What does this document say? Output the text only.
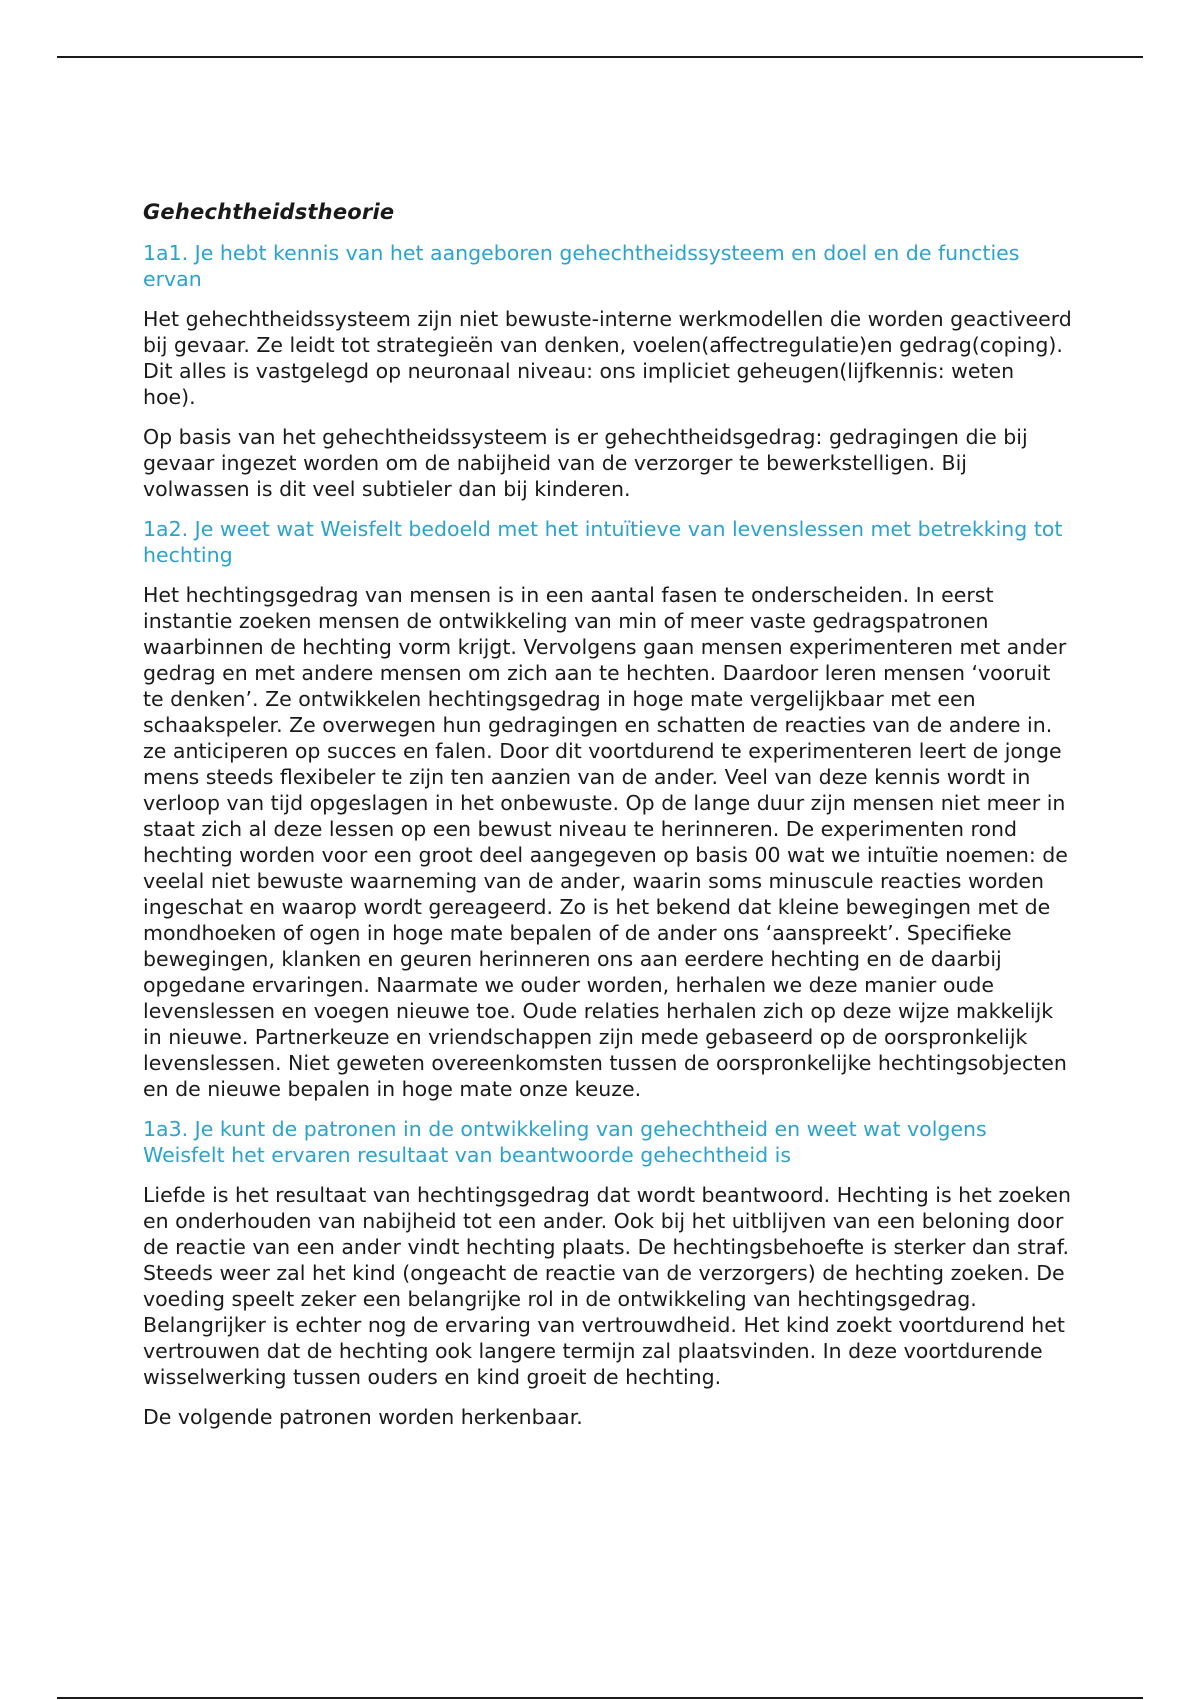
Gehechtheidstheorie
1a1. Je hebt kennis van het aangeboren gehechtheidssysteem en doel en de functies ervan
Het gehechtheidssysteem zijn niet bewuste-interne werkmodellen die worden geactiveerd bij gevaar. Ze leidt tot strategieën van denken, voelen(affectregulatie)en gedrag(coping). Dit alles is vastgelegd op neuronaal niveau: ons impliciet geheugen(lijfkennis: weten hoe).
Op basis van het gehechtheidssysteem is er gehechtheidsgedrag: gedragingen die bij gevaar ingezet worden om de nabijheid van de verzorger te bewerkstelligen. Bij volwassen is dit veel subtieler dan bij kinderen.
1a2. Je weet wat Weisfelt bedoeld met het intuïtieve van levenslessen met betrekking tot hechting
Het hechtingsgedrag van mensen is in een aantal fasen te onderscheiden. In eerst instantie zoeken mensen de ontwikkeling van min of meer vaste gedragspatronen waarbinnen de hechting vorm krijgt. Vervolgens gaan mensen experimenteren met ander gedrag en met andere mensen om zich aan te hechten. Daardoor leren mensen ‘vooruit te denken’. Ze ontwikkelen hechtingsgedrag in hoge mate vergelijkbaar met een schaakspeler. Ze overwegen hun gedragingen en schatten de reacties van de andere in. ze anticiperen op succes en falen. Door dit voortdurend te experimenteren leert de jonge mens steeds flexibeler te zijn ten aanzien van de ander. Veel van deze kennis wordt in verloop van tijd opgeslagen in het onbewuste. Op de lange duur zijn mensen niet meer in staat zich al deze lessen op een bewust niveau te herinneren. De experimenten rond hechting worden voor een groot deel aangegeven op basis 00 wat we intuïtie noemen: de veelal niet bewuste waarneming van de ander, waarin soms minuscule reacties worden ingeschat en waarop wordt gereageerd. Zo is het bekend dat kleine bewegingen met de mondhoeken of ogen in hoge mate bepalen of de ander ons ‘aanspreekt’. Specifieke bewegingen, klanken en geuren herinneren ons aan eerdere hechting en de daarbij opgedane ervaringen. Naarmate we ouder worden, herhalen we deze manier oude levenslessen en voegen nieuwe toe. Oude relaties herhalen zich op deze wijze makkelijk in nieuwe. Partnerkeuze en vriendschappen zijn mede gebaseerd op de oorspronkelijk levenslessen. Niet geweten overeenkomsten tussen de oorspronkelijke hechtingsobjecten en de nieuwe bepalen in hoge mate onze keuze.
1a3. Je kunt de patronen in de ontwikkeling van gehechtheid en weet wat volgens Weisfelt het ervaren resultaat van beantwoorde gehechtheid is
Liefde is het resultaat van hechtingsgedrag dat wordt beantwoord. Hechting is het zoeken en onderhouden van nabijheid tot een ander. Ook bij het uitblijven van een beloning door de reactie van een ander vindt hechting plaats. De hechtingsbehoefte is sterker dan straf. Steeds weer zal het kind (ongeacht de reactie van de verzorgers) de hechting zoeken. De voeding speelt zeker een belangrijke rol in de ontwikkeling van hechtingsgedrag. Belangrijker is echter nog de ervaring van vertrouwdheid. Het kind zoekt voortdurend het vertrouwen dat de hechting ook langere termijn zal plaatsvinden. In deze voortdurende wisselwerking tussen ouders en kind groeit de hechting.
De volgende patronen worden herkenbaar.
